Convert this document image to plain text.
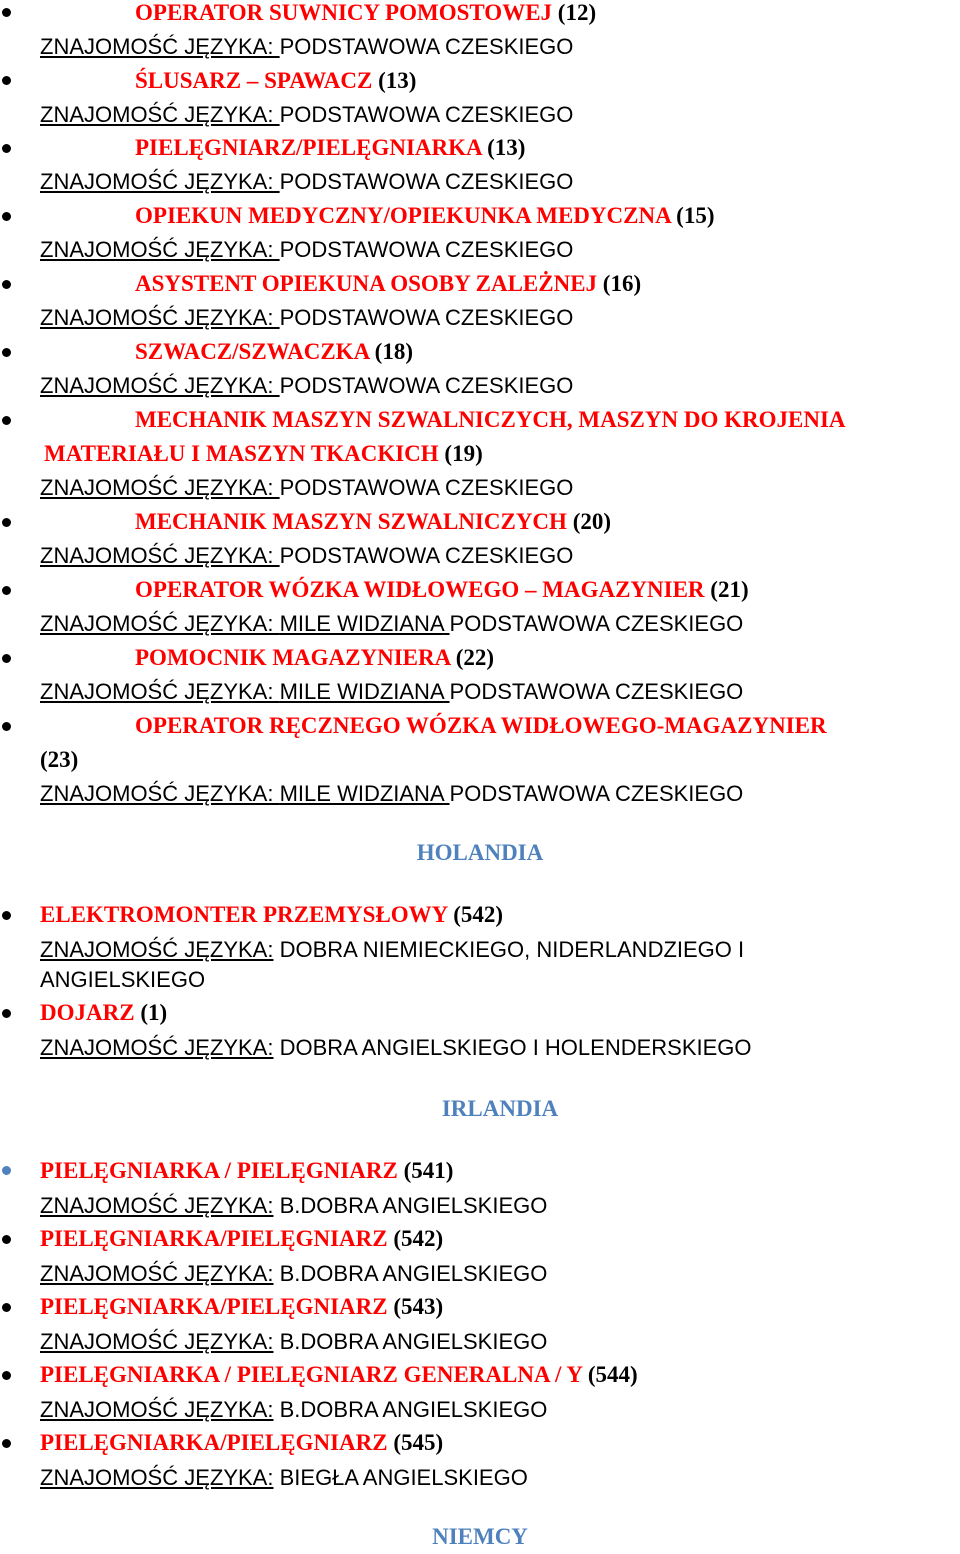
OPERATOR SUWNICY POMOSTOWEJ (12)
ZNAJOMOŚĆ JĘZYKA: PODSTAWOWA CZESKIEGO
ŚLUSARZ – SPAWACZ (13)
ZNAJOMOŚĆ JĘZYKA: PODSTAWOWA CZESKIEGO
PIELĘGNIARZ/PIELĘGNIARKA (13)
ZNAJOMOŚĆ JĘZYKA: PODSTAWOWA CZESKIEGO
OPIEKUN MEDYCZNY/OPIEKUNKA MEDYCZNA (15)
ZNAJOMOŚĆ JĘZYKA: PODSTAWOWA CZESKIEGO
ASYSTENT OPIEKUNA OSOBY ZALEŻNEJ (16)
ZNAJOMOŚĆ JĘZYKA: PODSTAWOWA CZESKIEGO
SZWACZ/SZWACZKA (18)
ZNAJOMOŚĆ JĘZYKA: PODSTAWOWA CZESKIEGO
MECHANIK MASZYN SZWALNICZYCH, MASZYN DO KROJENIA
MATERIAŁU I MASZYN TKACKICH (19)
ZNAJOMOŚĆ JĘZYKA: PODSTAWOWA CZESKIEGO
MECHANIK MASZYN SZWALNICZYCH (20)
ZNAJOMOŚĆ JĘZYKA: PODSTAWOWA CZESKIEGO
OPERATOR WÓZKA WIDŁOWEGO – MAGAZYNIER (21)
ZNAJOMOŚĆ JĘZYKA: MILE WIDZIANA PODSTAWOWA CZESKIEGO
POMOCNIK MAGAZYNIERA (22)
ZNAJOMOŚĆ JĘZYKA: MILE WIDZIANA PODSTAWOWA CZESKIEGO
OPERATOR RĘCZNEGO WÓZKA WIDŁOWEGO-MAGAZYNIER
(23)
ZNAJOMOŚĆ JĘZYKA: MILE WIDZIANA PODSTAWOWA CZESKIEGO
HOLANDIA
ELEKTROMONTER PRZEMYSŁOWY (542)
ZNAJOMOŚĆ JĘZYKA: DOBRA NIEMIECKIEGO, NIDERLANDZIEGO I
ANGIELSKIEGO
DOJARZ (1)
ZNAJOMOŚĆ JĘZYKA: DOBRA ANGIELSKIEGO I HOLENDERSKIEGO
IRLANDIA
PIELĘGNIARKA / PIELĘGNIARZ (541)
ZNAJOMOŚĆ JĘZYKA: B.DOBRA ANGIELSKIEGO
PIELĘGNIARKA/PIELĘGNIARZ (542)
ZNAJOMOŚĆ JĘZYKA: B.DOBRA ANGIELSKIEGO
PIELĘGNIARKA/PIELĘGNIARZ (543)
ZNAJOMOŚĆ JĘZYKA: B.DOBRA ANGIELSKIEGO
PIELĘGNIARKA / PIELĘGNIARZ GENERALNA / Y (544)
ZNAJOMOŚĆ JĘZYKA: B.DOBRA ANGIELSKIEGO
PIELĘGNIARKA/PIELĘGNIARZ (545)
ZNAJOMOŚĆ JĘZYKA: BIEGŁA ANGIELSKIEGO
NIEMCY
